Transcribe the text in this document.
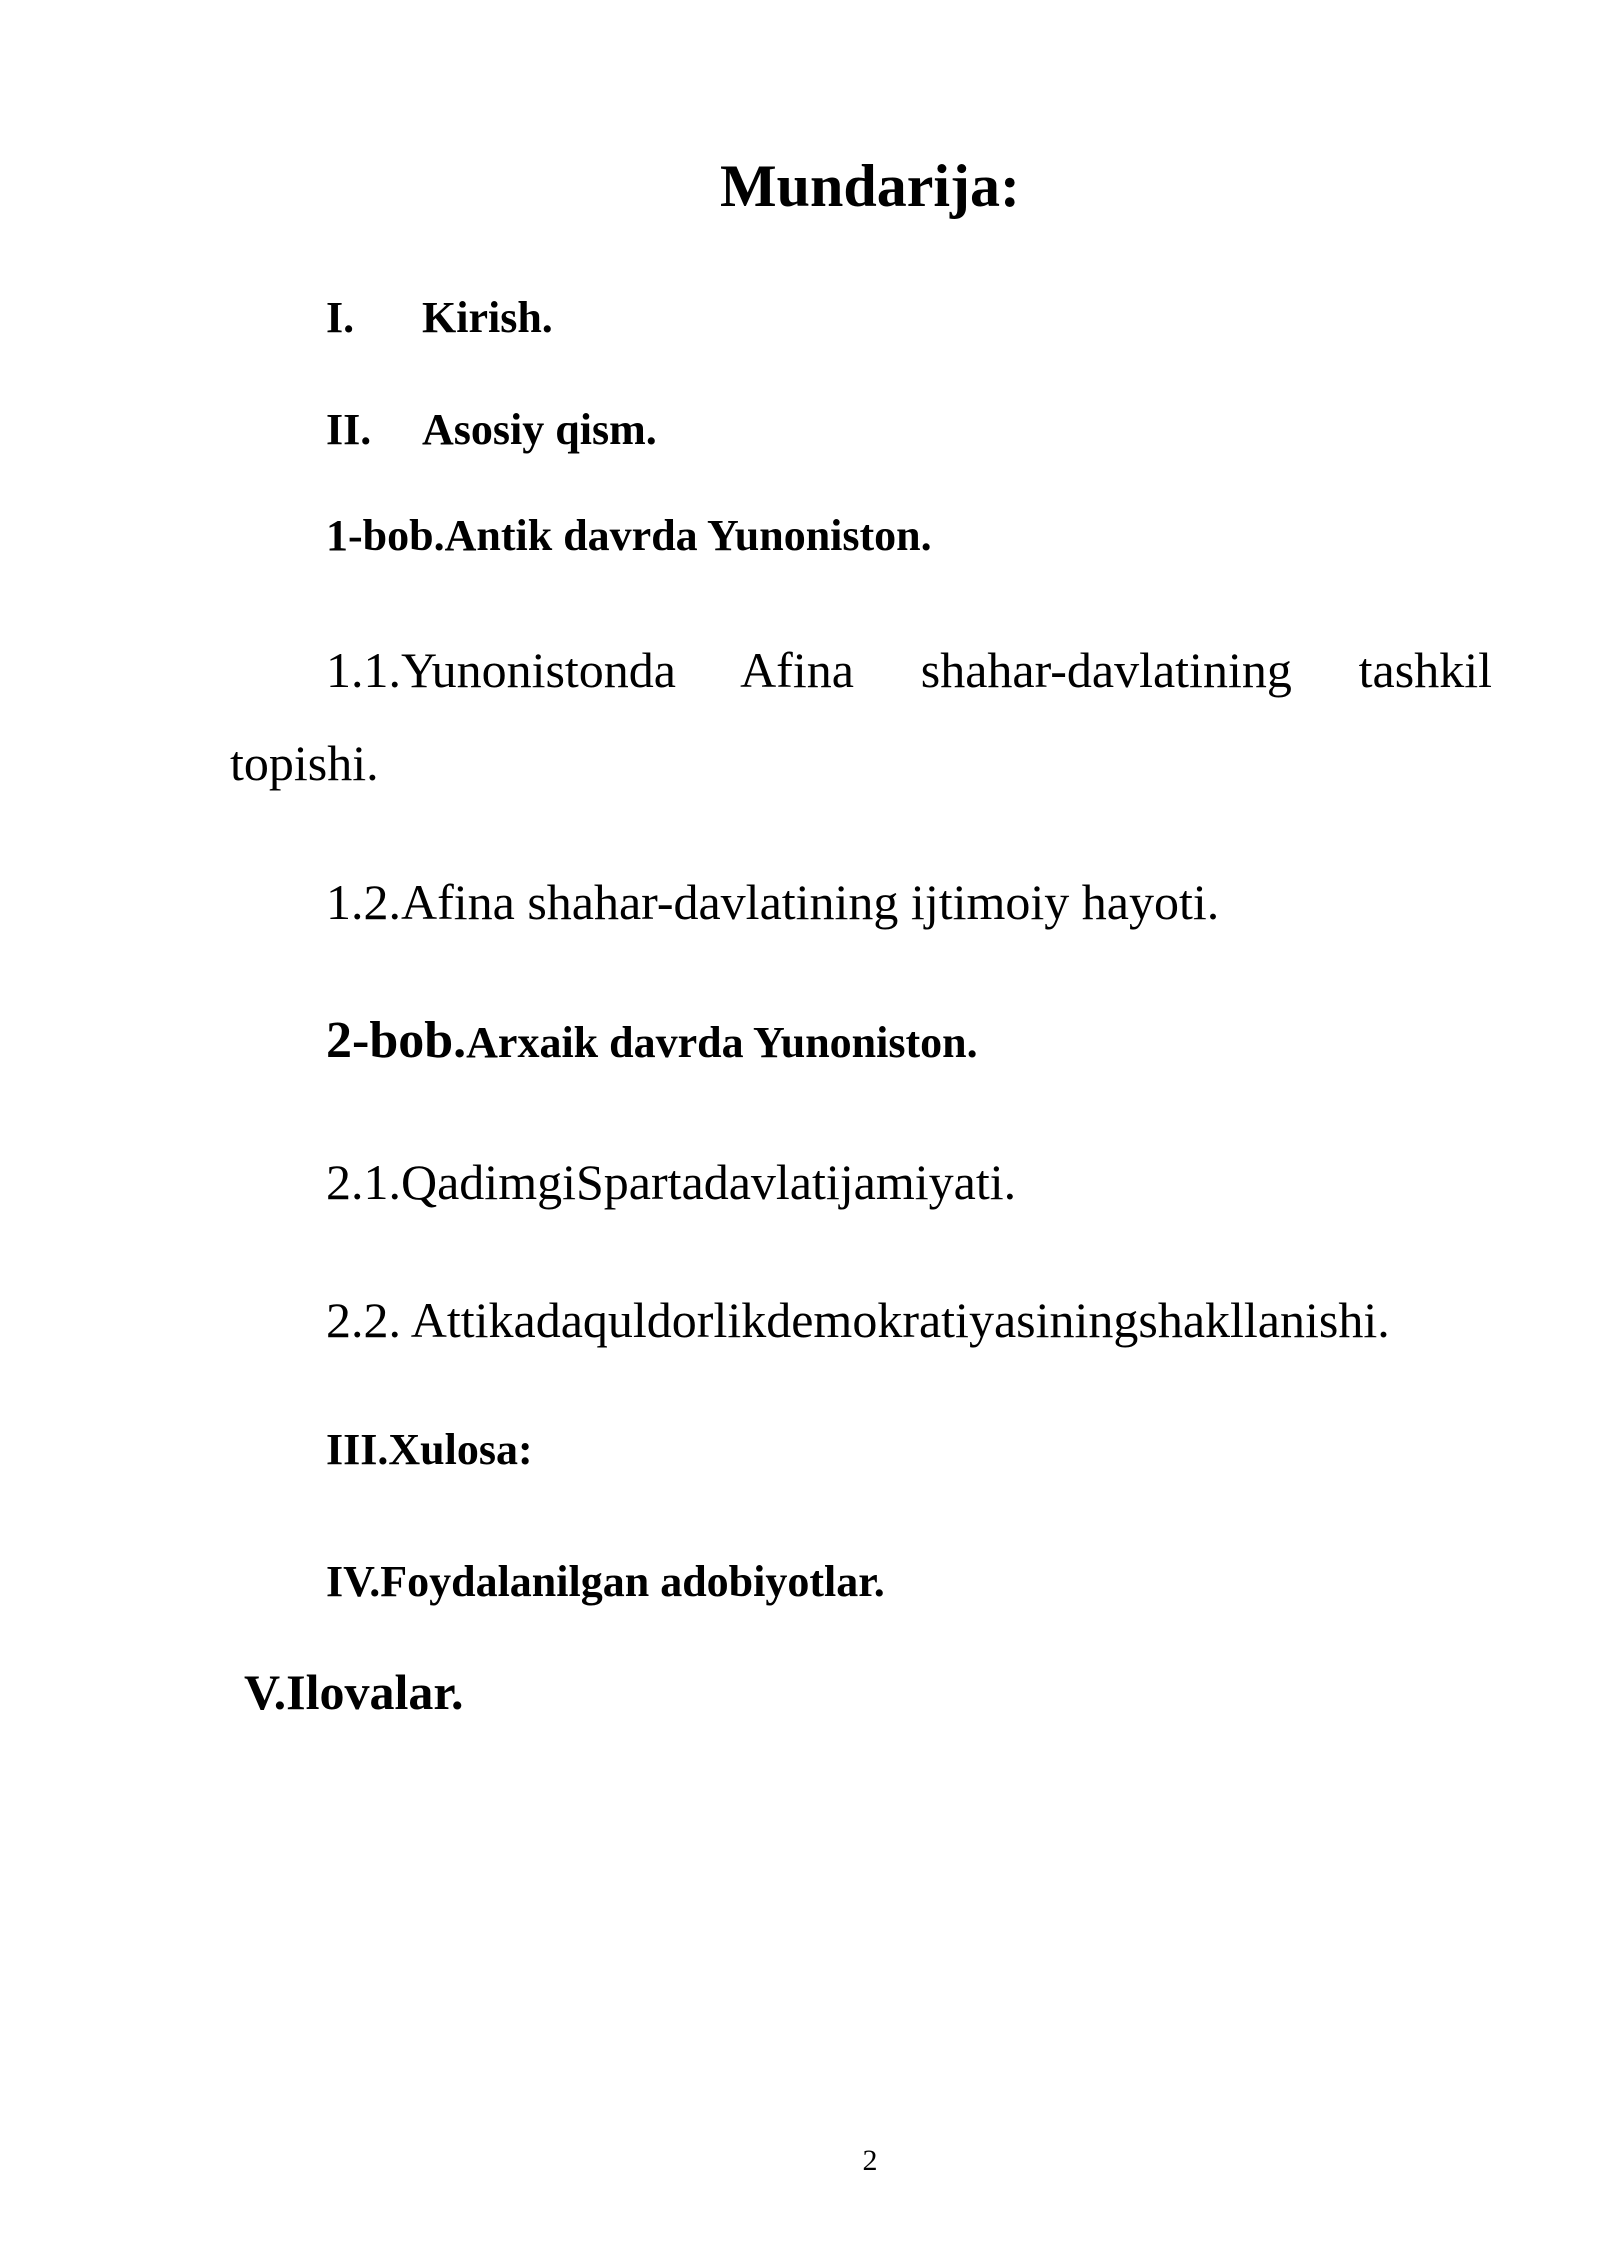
Mundarija:
I. Kirish.
II. Asosiy qism.
1-bob.Antik davrda Yunoniston.
1.1.Yunonistonda Afina shahar-davlatining tashkil
topishi.
1.2.Afina shahar-davlatining ijtimoiy hayoti.
2-bob.Arxaik davrda Yunoniston.
2.1.QadimgiSpartadavlatijamiyati.
2.2. Attikadaquldorlikdemokratiyasiningshakllanishi.
III.Xulosa:
IV.Foydalanilgan adobiyotlar.
V.Ilovalar.
2
